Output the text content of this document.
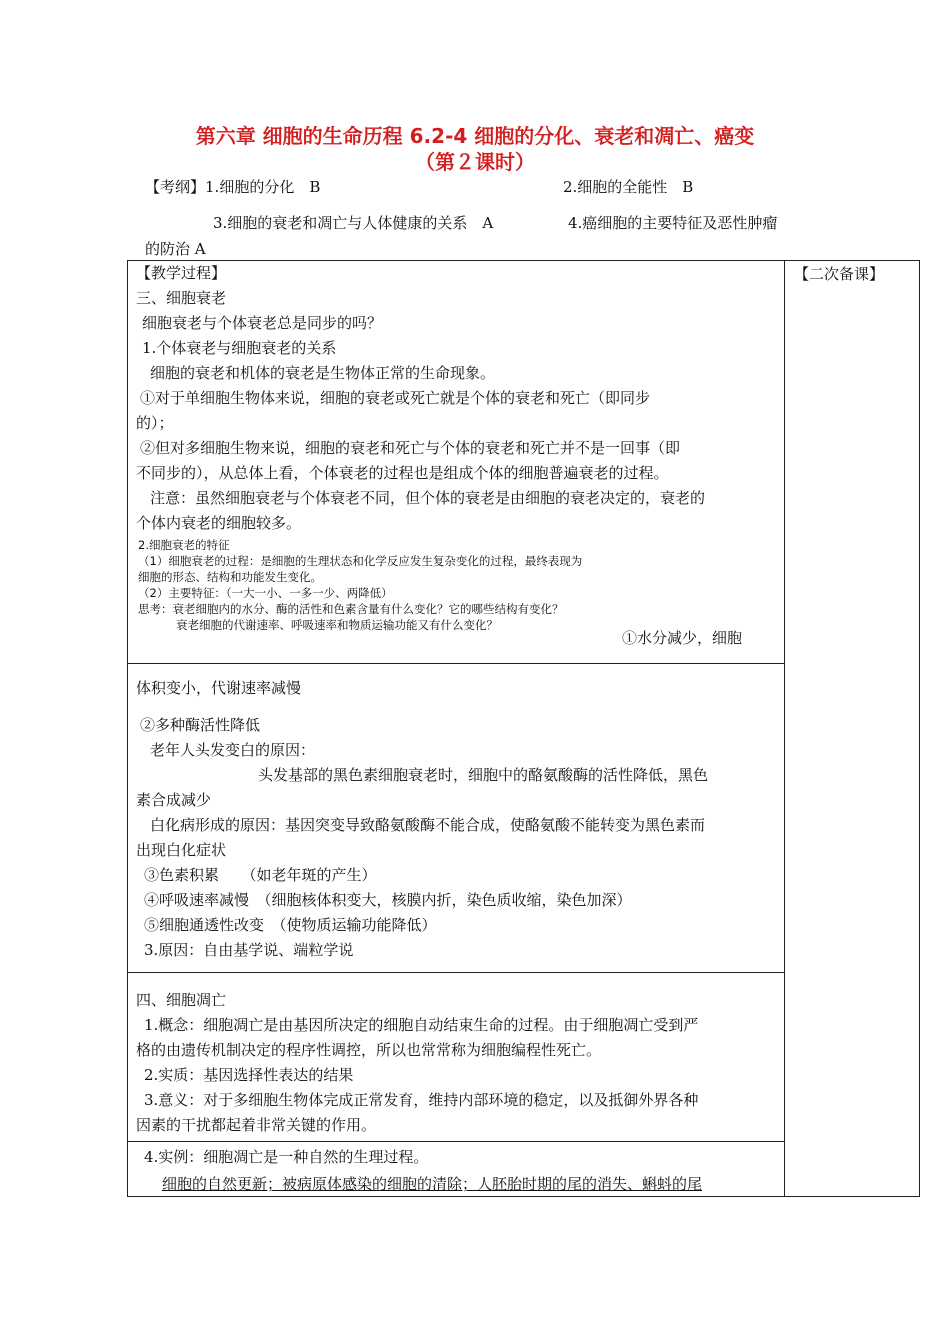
第六章 细胞的生命历程 6.2-4 细胞的分化、衰老和凋亡、癌变
（第２课时）
【考纲】1.细胞的分化　B	2.细胞的全能性　B
3.细胞的衰老和凋亡与人体健康的关系　A	4.癌细胞的主要特征及恶性肿瘤
的防治 A
【二次备课】
【教学过程】
三、细胞衰老
细胞衰老与个体衰老总是同步的吗？
1.个体衰老与细胞衰老的关系
细胞的衰老和机体的衰老是生物体正常的生命现象。
①对于单细胞生物体来说，细胞的衰老或死亡就是个体的衰老和死亡（即同步
的）；
②但对多细胞生物来说，细胞的衰老和死亡与个体的衰老和死亡并不是一回事（即
不同步的），从总体上看，个体衰老的过程也是组成个体的细胞普遍衰老的过程。
注意：虽然细胞衰老与个体衰老不同，但个体的衰老是由细胞的衰老决定的，衰老的
个体内衰老的细胞较多。
2.细胞衰老的特征
（1）细胞衰老的过程：是细胞的生理状态和化学反应发生复杂变化的过程，最终表现为
细胞的形态、结构和功能发生变化。
（2）主要特征：（一大一小、一多一少、两降低）
思考：衰老细胞内的水分、酶的活性和色素含量有什么变化？它的哪些结构有变化？
衰老细胞的代谢速率、呼吸速率和物质运输功能又有什么变化？
①水分减少，细胞
体积变小，代谢速率减慢
②多种酶活性降低
老年人头发变白的原因：
头发基部的黑色素细胞衰老时，细胞中的酪氨酸酶的活性降低，黑色
素合成减少
白化病形成的原因：基因突变导致酪氨酸酶不能合成，使酪氨酸不能转变为黑色素而
出现白化症状
③色素积累　　（如老年斑的产生）
④呼吸速率减慢　（细胞核体积变大，核膜内折，染色质收缩，染色加深）
⑤细胞通透性改变　（使物质运输功能降低）
3.原因：自由基学说、端粒学说
四、细胞凋亡
1.概念：细胞凋亡是由基因所决定的细胞自动结束生命的过程。由于细胞凋亡受到严
格的由遗传机制决定的程序性调控，所以也常常称为细胞编程性死亡。
2.实质：基因选择性表达的结果
3.意义：对于多细胞生物体完成正常发育，维持内部环境的稳定，以及抵御外界各种
因素的干扰都起着非常关键的作用。
4.实例：细胞凋亡是一种自然的生理过程。
细胞的自然更新；被病原体感染的细胞的清除；人胚胎时期的尾的消失、蝌蚪的尾
